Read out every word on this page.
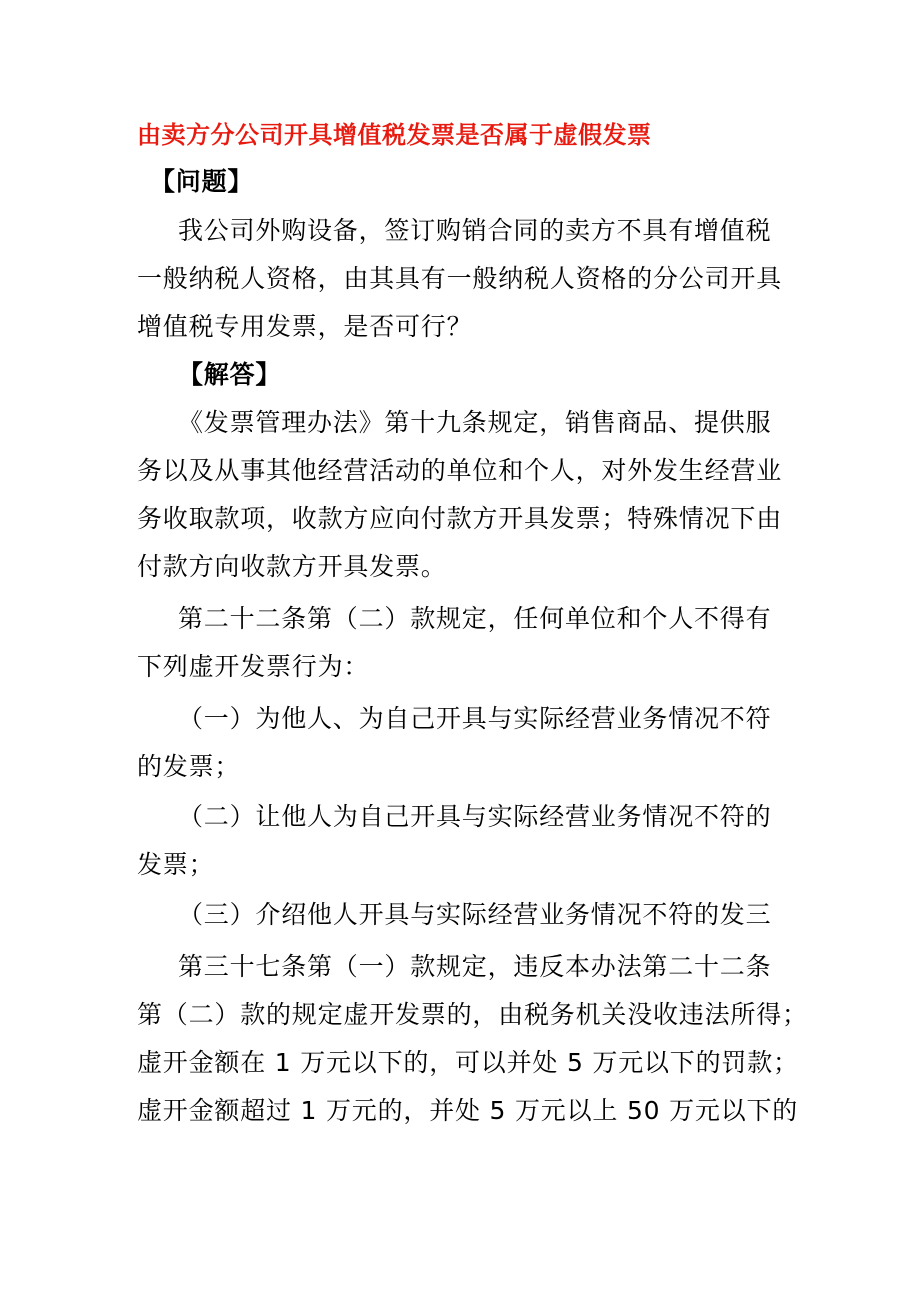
由卖方分公司开具增值税发票是否属于虚假发票
【问题】
我公司外购设备，签订购销合同的卖方不具有增值税
一般纳税人资格，由其具有一般纳税人资格的分公司开具
增值税专用发票，是否可行？
【解答】
《发票管理办法》第十九条规定，销售商品、提供服
务以及从事其他经营活动的单位和个人，对外发生经营业
务收取款项，收款方应向付款方开具发票；特殊情况下由
付款方向收款方开具发票。
第二十二条第（二）款规定，任何单位和个人不得有
下列虚开发票行为：
（一）为他人、为自己开具与实际经营业务情况不符
的发票；
（二）让他人为自己开具与实际经营业务情况不符的
发票；
（三）介绍他人开具与实际经营业务情况不符的发三
第三十七条第（一）款规定，违反本办法第二十二条
第（二）款的规定虚开发票的，由税务机关没收违法所得；
虚开金额在 1 万元以下的，可以并处 5 万元以下的罚款；
虚开金额超过 1 万元的，并处 5 万元以上 50 万元以下的
